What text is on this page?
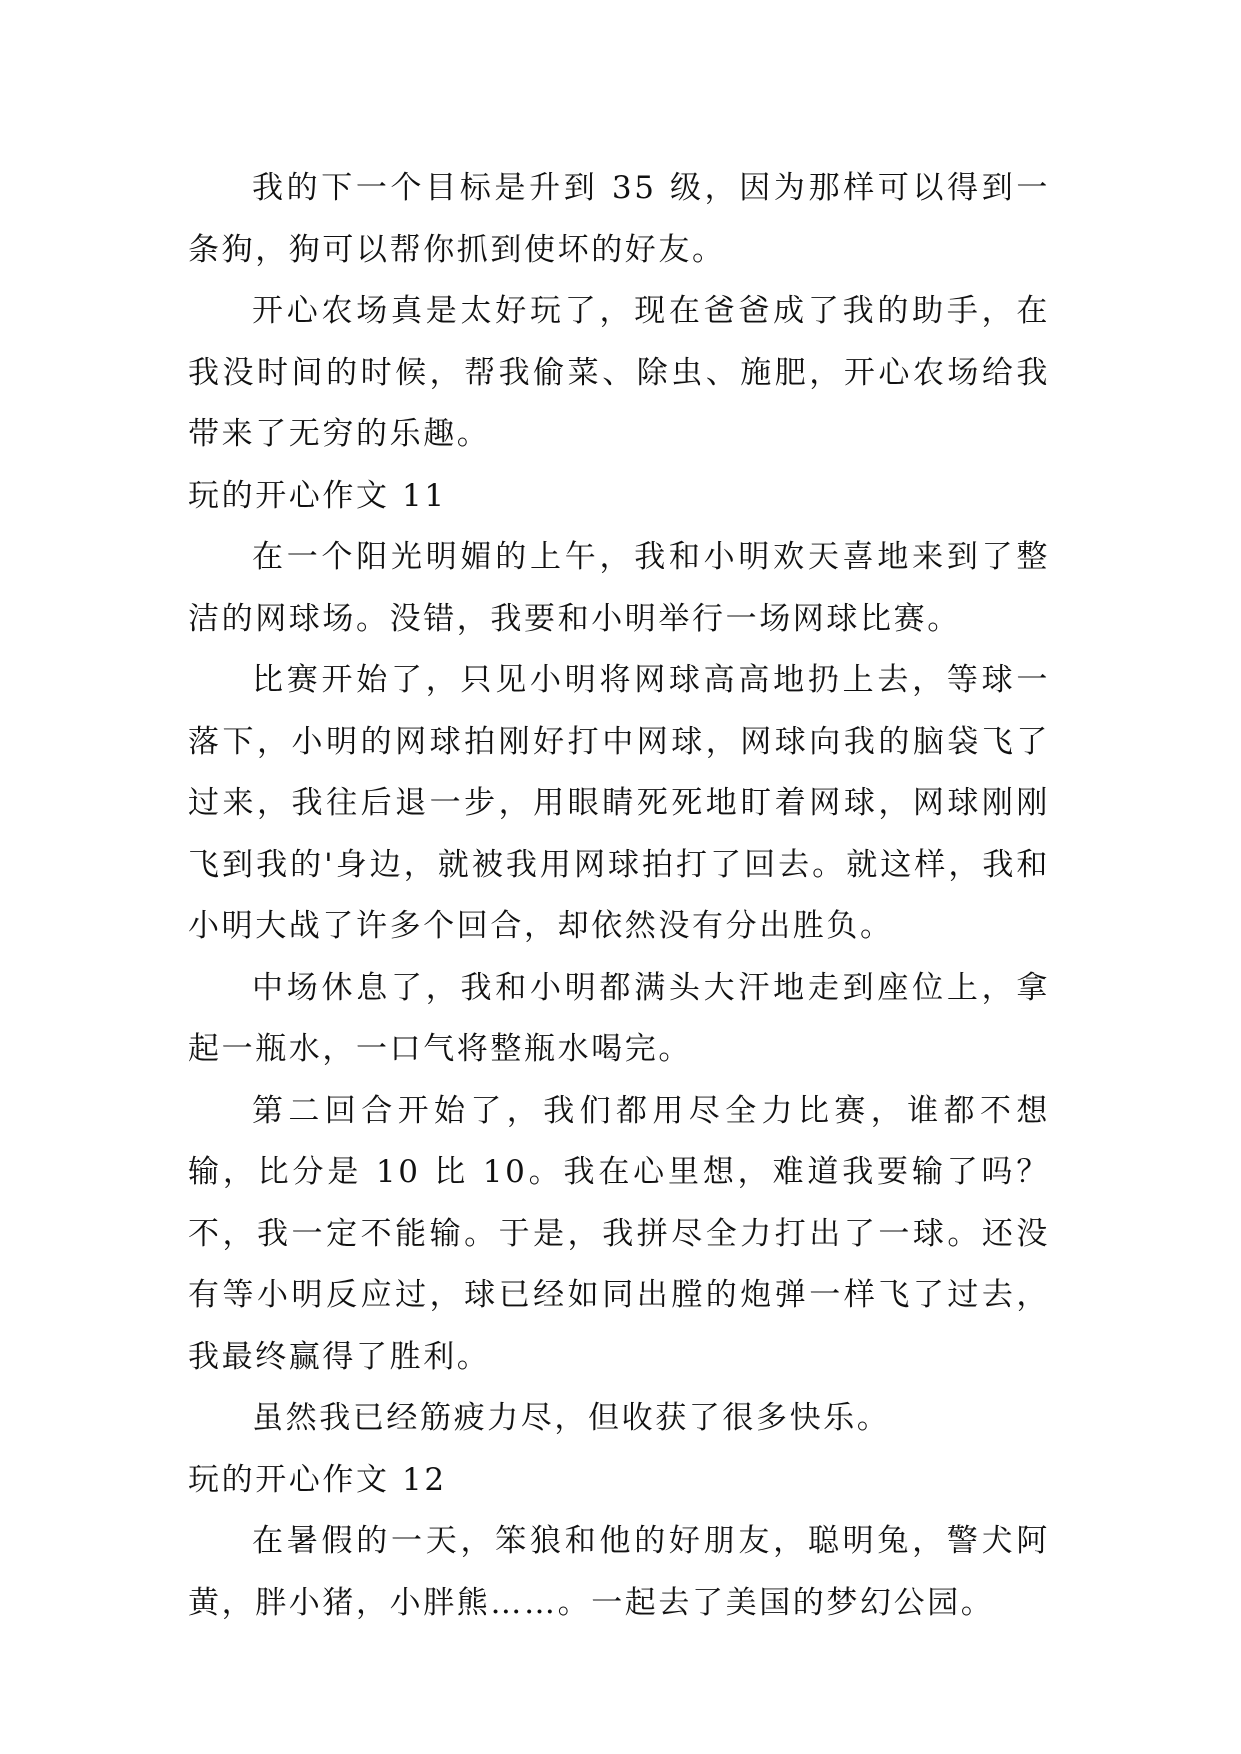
我的下一个目标是升到 35 级，因为那样可以得到一条狗，狗可以帮你抓到使坏的好友。

开心农场真是太好玩了，现在爸爸成了我的助手，在我没时间的时候，帮我偷菜、除虫、施肥，开心农场给我带来了无穷的乐趣。

玩的开心作文 11

在一个阳光明媚的上午，我和小明欢天喜地来到了整洁的网球场。没错，我要和小明举行一场网球比赛。

比赛开始了，只见小明将网球高高地扔上去，等球一落下，小明的网球拍刚好打中网球，网球向我的脑袋飞了过来，我往后退一步，用眼睛死死地盯着网球，网球刚刚飞到我的'身边，就被我用网球拍打了回去。就这样，我和小明大战了许多个回合，却依然没有分出胜负。

中场休息了，我和小明都满头大汗地走到座位上，拿起一瓶水，一口气将整瓶水喝完。

第二回合开始了，我们都用尽全力比赛，谁都不想输，比分是 10 比 10。我在心里想，难道我要输了吗？不，我一定不能输。于是，我拼尽全力打出了一球。还没有等小明反应过，球已经如同出膛的炮弹一样飞了过去，我最终赢得了胜利。

虽然我已经筋疲力尽，但收获了很多快乐。

玩的开心作文 12

在暑假的一天，笨狼和他的好朋友，聪明兔，警犬阿黄，胖小猪，小胖熊……。一起去了美国的梦幻公园。
